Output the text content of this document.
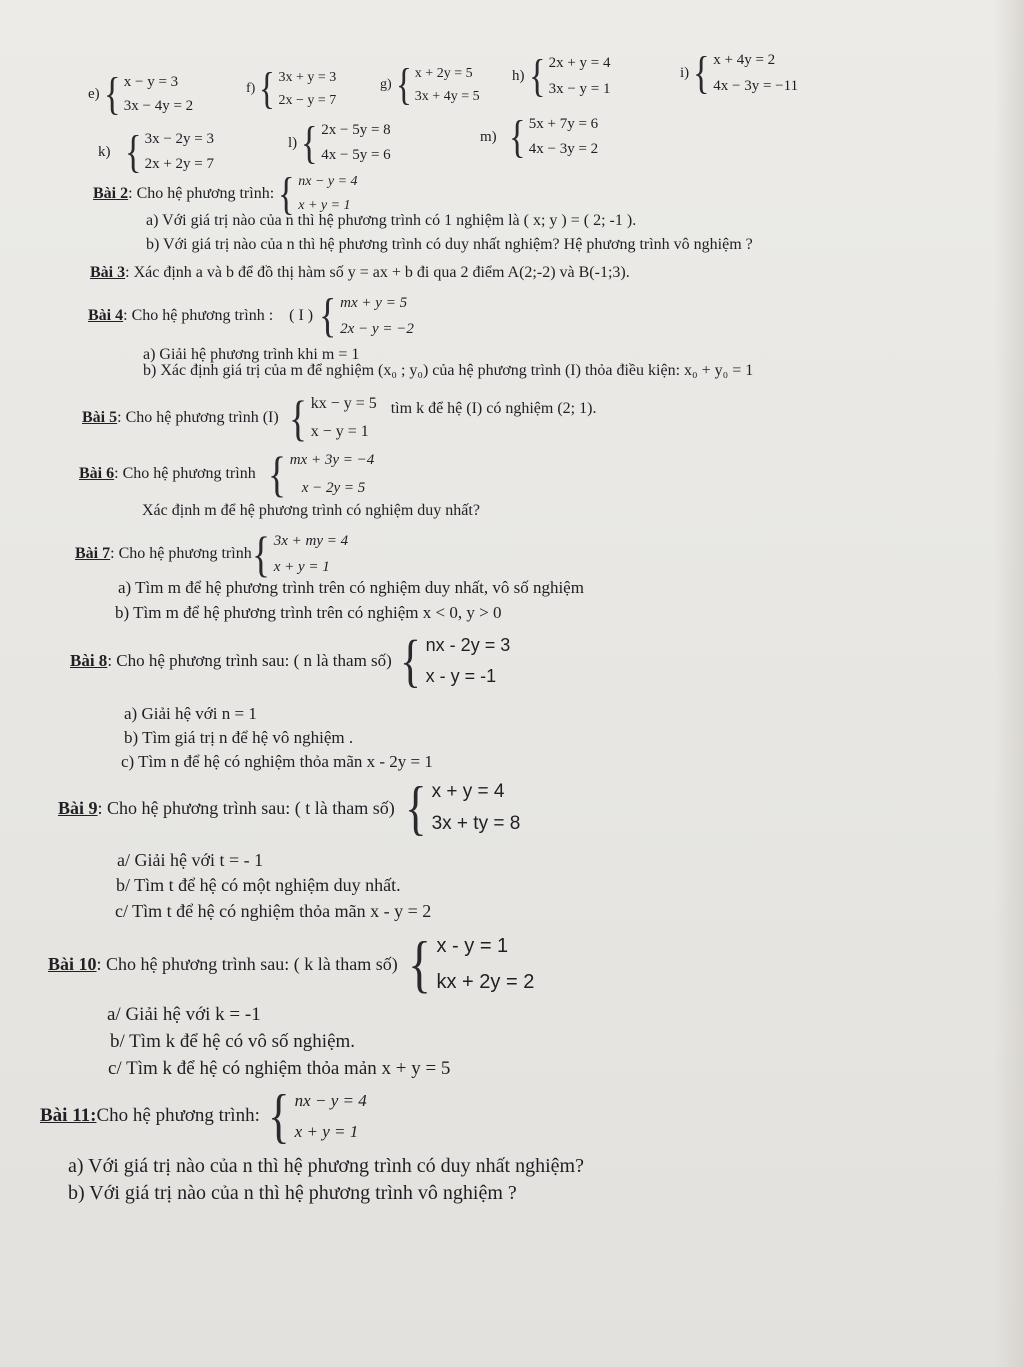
e) { x − y = 3
3x − 4y = 2
f) { 3x + y = 3
2x − y = 7
g) { x + 2y = 5
3x + 4y = 5
h) { 2x + y = 4
3x − y = 1
i) { x + 4y = 2
4x − 3y = −11
k) { 3x − 2y = 3
2x + 2y = 7
l) { 2x − 5y = 8
4x − 5y = 6
m) { 5x + 7y = 6
4x − 3y = 2
Bài 2 : Cho hệ phương trình: { nx − y = 4
x + y = 1
a) Với giá trị nào của n thì hệ phương trình có 1 nghiệm là ( x; y ) = ( 2; -1 ).
b) Với giá trị nào của n thì hệ phương trình có duy nhất nghiệm? Hệ phương trình vô nghiệm ?
Bài 3: Xác định a và b để đồ thị hàm số y = ax + b đi qua 2 điểm A(2;-2) và B(-1;3).
Bài 4 : Cho hệ phương trình : ( I ) { mx + y = 5
2x − y = −2
a) Giải hệ phương trình khi m = 1
b) Xác định giá trị của m để nghiệm (x₀ ; y₀) của hệ phương trình (I) thỏa điều kiện: x₀ + y₀ = 1
Bài 5 : Cho hệ phương trình (I) { kx − y = 5
x − y = 1
tìm k để hệ (I) có nghiệm (2; 1).
Bài 6 : Cho hệ phương trình { mx + 3y = −4
x − 2y = 5
Xác định m để hệ phương trình có nghiệm duy nhất?
Bài 7 : Cho hệ phương trình { 3x + my = 4
x + y = 1
a) Tìm m để hệ phương trình trên có nghiệm duy nhất, vô số nghiệm
b) Tìm m để hệ phương trình trên có nghiệm x < 0, y > 0
Bài 8 : Cho hệ phương trình sau: ( n là tham số) { nx - 2y = 3
x - y = -1
a) Giải hệ với n = 1
b) Tìm giá trị n để hệ vô nghiệm .
c) Tìm n để hệ có nghiệm thỏa mãn x - 2y = 1
Bài 9 : Cho hệ phương trình sau: ( t là tham số) { x + y = 4
3x + ty = 8
a/ Giải hệ với t = - 1
b/ Tìm t để hệ có một nghiệm duy nhất.
c/ Tìm t để hệ có nghiệm thỏa mãn x - y = 2
Bài 10 : Cho hệ phương trình sau: ( k là tham số) { x - y = 1
kx + 2y = 2
a/ Giải hệ với k = -1
b/ Tìm k để hệ có vô số nghiệm.
c/ Tìm k để hệ có nghiệm thỏa mản x + y = 5
Bài 11: Cho hệ phương trình: { nx − y = 4
x + y = 1
a) Với giá trị nào của n thì hệ phương trình có duy nhất nghiệm?
b) Với giá trị nào của n thì hệ phương trình vô nghiệm ?
